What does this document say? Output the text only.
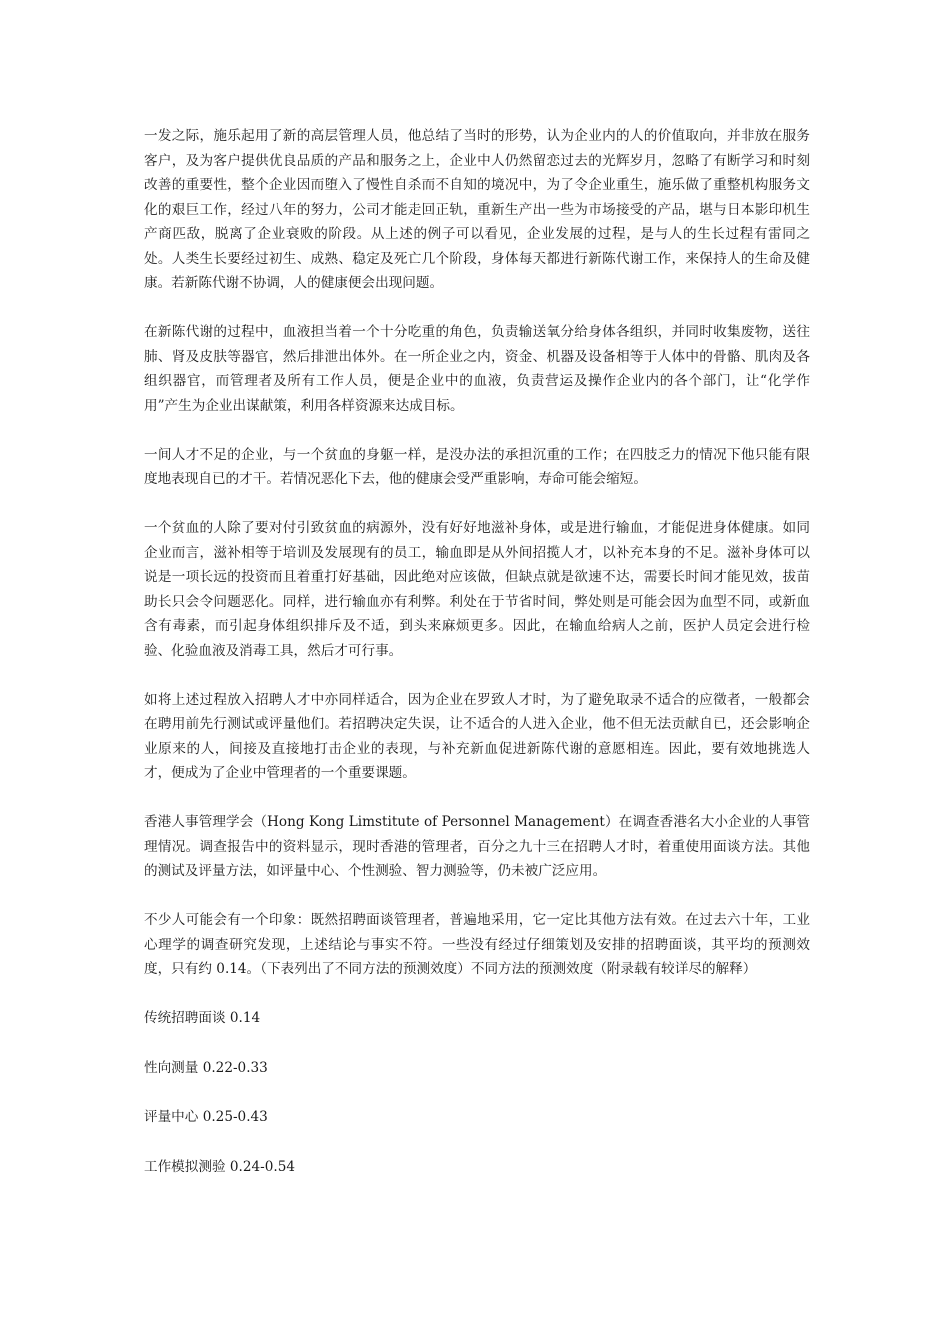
一发之际，施乐起用了新的高层管理人员，他总结了当时的形势，认为企业内的人的价值取向，并非放在服务客户，及为客户提供优良品质的产品和服务之上，企业中人仍然留恋过去的光辉岁月，忽略了有断学习和时刻改善的重要性，整个企业因而堕入了慢性自杀而不自知的境况中，为了令企业重生，施乐做了重整机构服务文化的艰巨工作，经过八年的努力，公司才能走回正轨，重新生产出一些为市场接受的产品，堪与日本影印机生产商匹敌，脱离了企业衰败的阶段。从上述的例子可以看见，企业发展的过程，是与人的生长过程有雷同之处。人类生长要经过初生、成熟、稳定及死亡几个阶段，身体每天都进行新陈代谢工作，来保持人的生命及健康。若新陈代谢不协调，人的健康便会出现问题。

在新陈代谢的过程中，血液担当着一个十分吃重的角色，负责输送氧分给身体各组织，并同时收集废物，送往肺、肾及皮肤等器官，然后排泄出体外。在一所企业之内，资金、机器及设备相等于人体中的骨骼、肌肉及各组织器官，而管理者及所有工作人员，便是企业中的血液，负责营运及操作企业内的各个部门，让“化学作用”产生为企业出谋献策，利用各样资源来达成目标。

一间人才不足的企业，与一个贫血的身躯一样，是没办法的承担沉重的工作；在四肢乏力的情况下他只能有限度地表现自已的才干。若情况恶化下去，他的健康会受严重影响，寿命可能会缩短。

一个贫血的人除了要对付引致贫血的病源外，没有好好地滋补身体，或是进行输血，才能促进身体健康。如同企业而言，滋补相等于培训及发展现有的员工，输血即是从外间招揽人才，以补充本身的不足。滋补身体可以说是一项长远的投资而且着重打好基础，因此绝对应该做，但缺点就是欲速不达，需要长时间才能见效，拔苗助长只会令问题恶化。同样，进行输血亦有利弊。利处在于节省时间，弊处则是可能会因为血型不同，或新血含有毒素，而引起身体组织排斥及不适，到头来麻烦更多。因此，在输血给病人之前，医护人员定会进行检验、化验血液及消毒工具，然后才可行事。

如将上述过程放入招聘人才中亦同样适合，因为企业在罗致人才时，为了避免取录不适合的应徵者，一般都会在聘用前先行测试或评量他们。若招聘决定失误，让不适合的人进入企业，他不但无法贡献自已，还会影响企业原来的人，间接及直接地打击企业的表现，与补充新血促进新陈代谢的意愿相连。因此，要有效地挑选人才，便成为了企业中管理者的一个重要课题。

香港人事管理学会（Hong Kong Limstitute of Personnel Management）在调查香港名大小企业的人事管理情况。调查报告中的资料显示，现时香港的管理者，百分之九十三在招聘人才时，着重使用面谈方法。其他的测试及评量方法，如评量中心、个性测验、智力测验等，仍未被广泛应用。

不少人可能会有一个印象：既然招聘面谈管理者，普遍地采用，它一定比其他方法有效。在过去六十年，工业心理学的调查研究发现，上述结论与事实不符。一些没有经过仔细策划及安排的招聘面谈，其平均的预测效度，只有约 0.14。（下表列出了不同方法的预测效度）不同方法的预测效度（附录载有较详尽的解释）

传统招聘面谈 0.14

性向测量 0.22-0.33

评量中心 0.25-0.43

工作模拟测验 0.24-0.54
